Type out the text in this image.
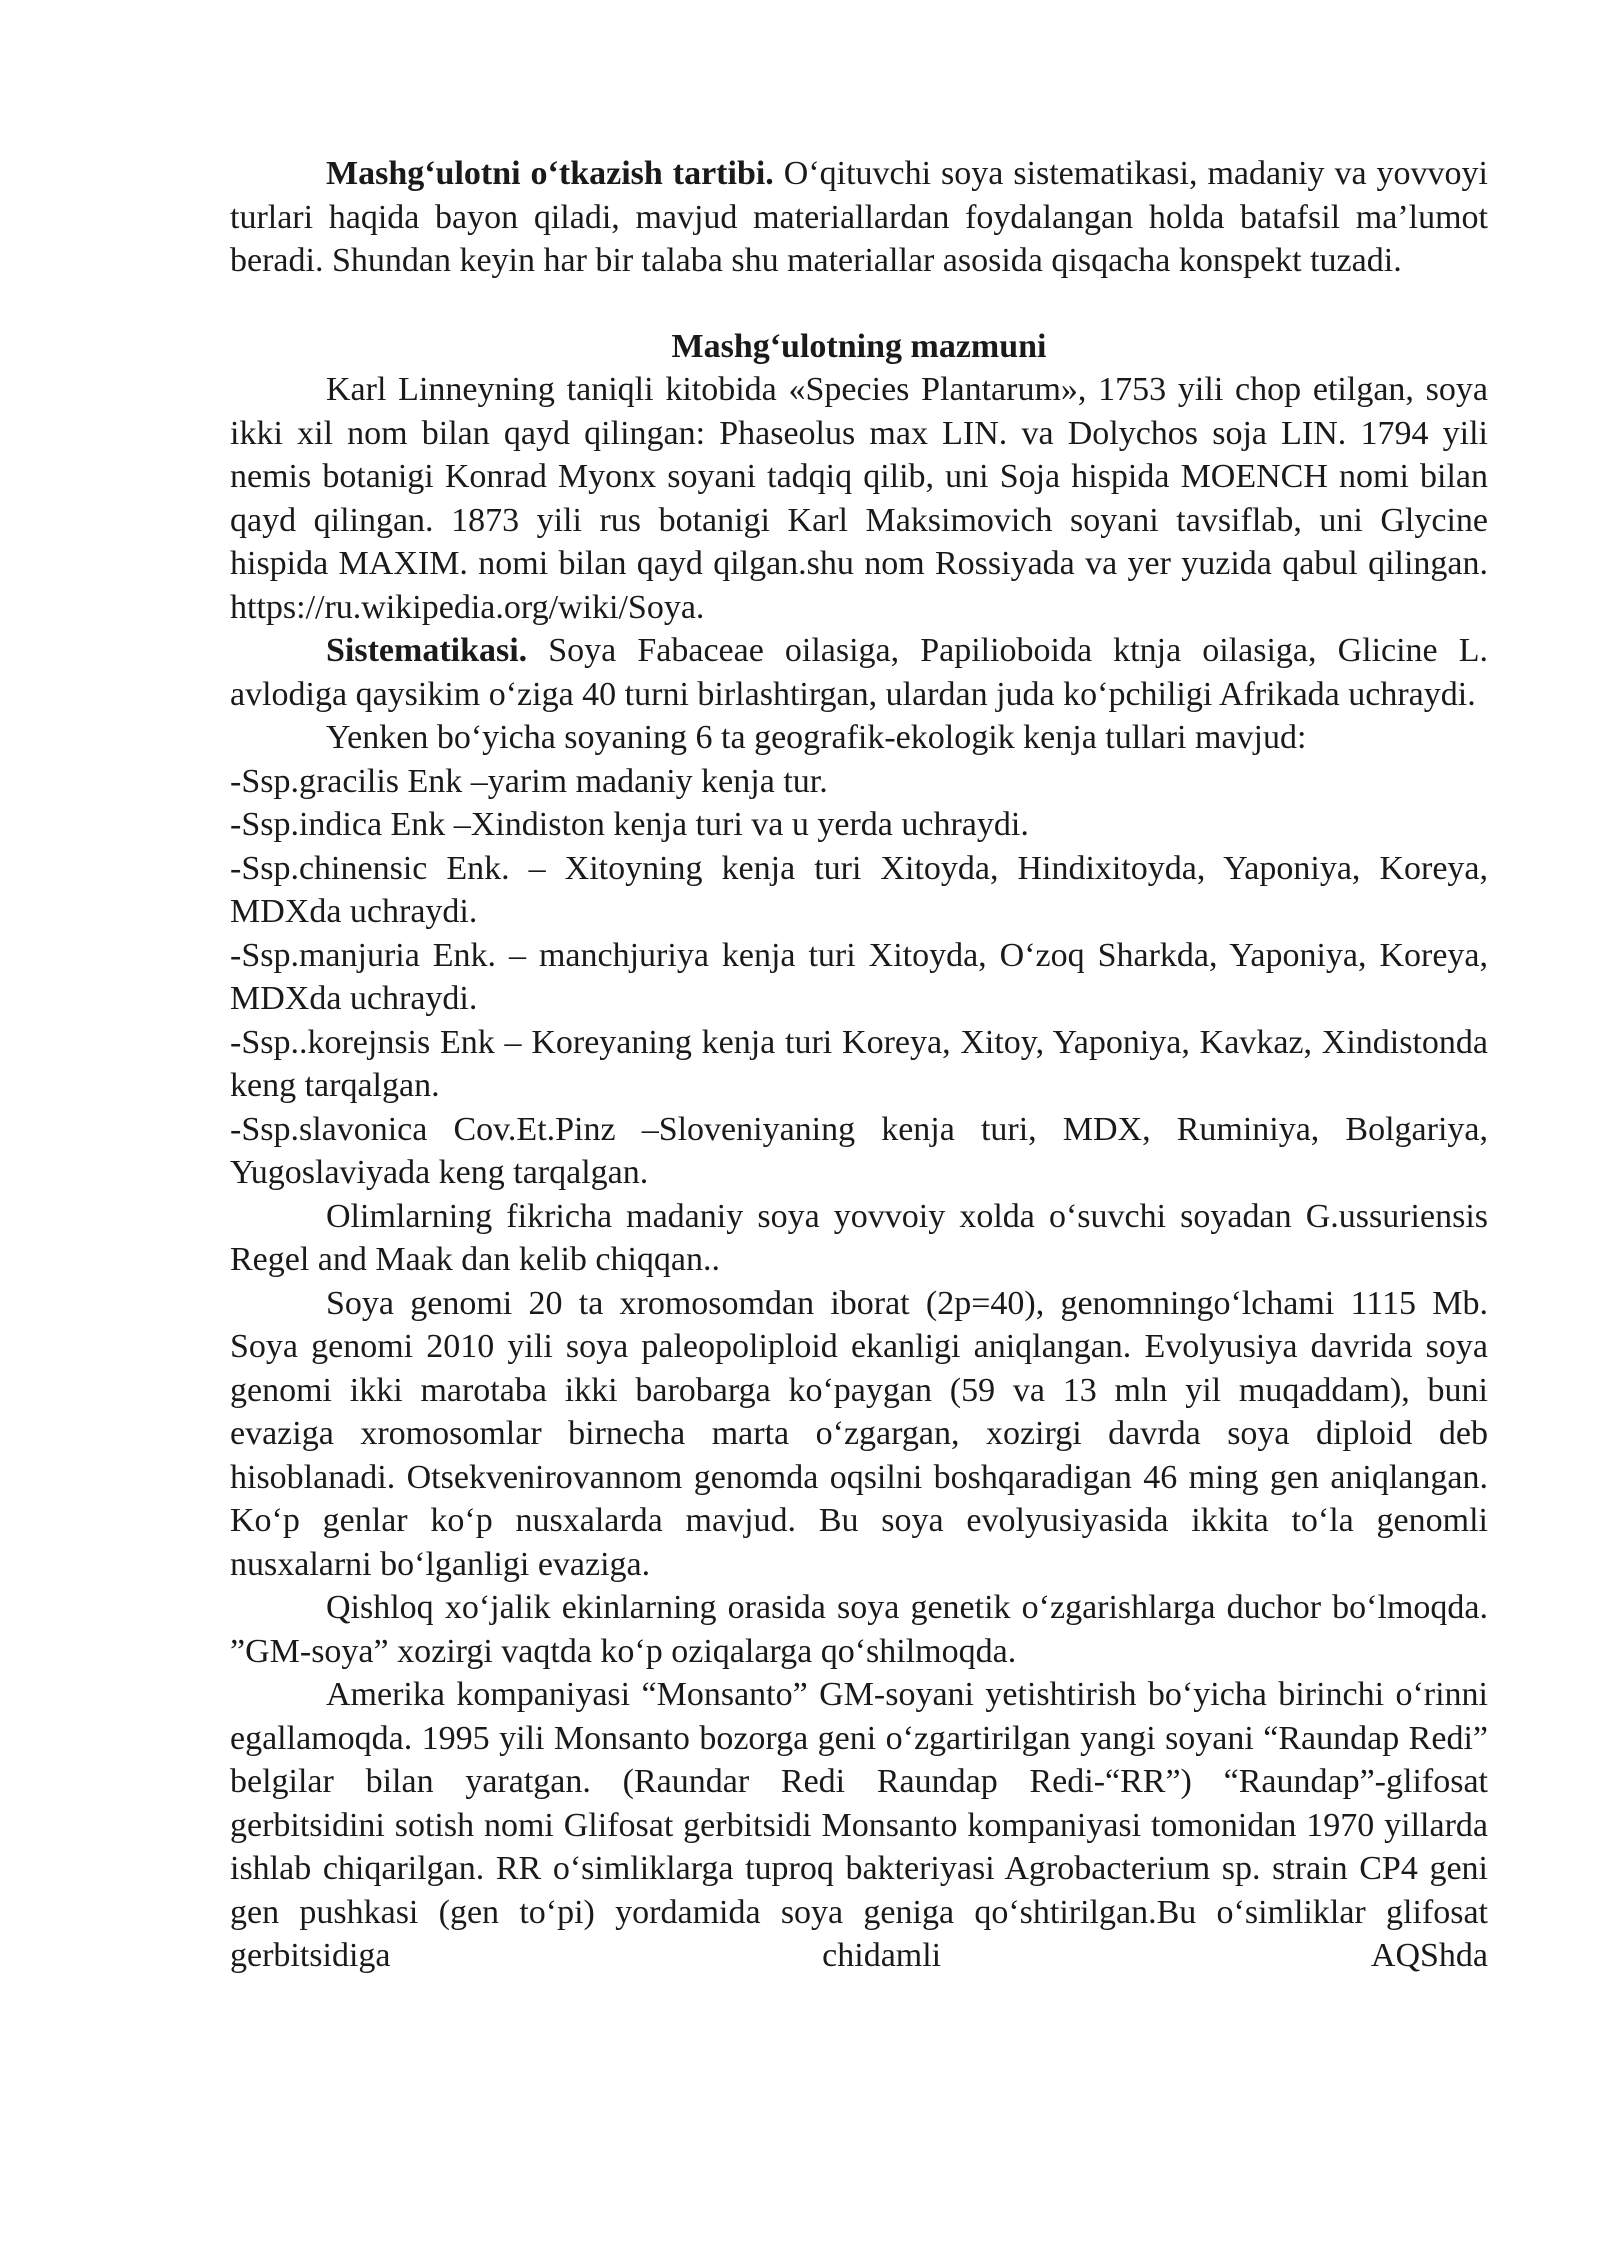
Mashg‘ulotni o‘tkazish tartibi. O‘qituvchi soya sistematikasi, madaniy va yovvoyi turlari haqida bayon qiladi, mavjud materiallardan foydalangan holda batafsil ma’lumot beradi. Shundan keyin har bir talaba shu materiallar asosida qisqacha konspekt tuzadi.

Mashg‘ulotning mazmuni

Karl Linneyning taniqli kitobida «Species Plantarum», 1753 yili chop etilgan, soya ikki xil nom bilan qayd qilingan: Phaseolus max LIN. va Dolychos soja LIN. 1794 yili nemis botanigi Konrad Myonx soyani tadqiq qilib, uni Soja hispida MOENCH nomi bilan qayd qilingan. 1873 yili rus botanigi Karl Maksimovich soyani tavsiflab, uni Glycine hispida MAXIM. nomi bilan qayd qilgan.shu nom Rossiyada va yer yuzida qabul qilingan.

https://ru.wikipedia.org/wiki/Soya.

Sistematikasi. Soya Fabaceae oilasiga, Papilioboida ktnja oilasiga, Glicine L. avlodiga qaysikim o‘ziga 40 turni birlashtirgan, ulardan juda ko‘pchiligi Afrikada uchraydi.

Yenken bo‘yicha soyaning 6 ta geografik-ekologik kenja tullari mavjud:

-Ssp.gracilis Enk –yarim madaniy kenja tur.

-Ssp.indica Enk –Xindiston kenja turi va u yerda uchraydi.

-Ssp.chinensic Enk. – Xitoyning kenja turi Xitoyda, Hindixitoyda, Yaponiya, Koreya, MDXda uchraydi.

-Ssp.manjuria Enk. – manchjuriya kenja turi Xitoyda, O‘zoq Sharkda, Yaponiya, Koreya, MDXda uchraydi.

-Ssp..korejnsis Enk – Koreyaning kenja turi Koreya, Xitoy, Yaponiya, Kavkaz, Xindistonda keng tarqalgan.

-Ssp.slavonica Cov.Et.Pinz –Sloveniyaning kenja turi, MDX, Ruminiya, Bolgariya, Yugoslaviyada keng tarqalgan.

Olimlarning fikricha madaniy soya yovvoiy xolda o‘suvchi soyadan G.ussuriensis Regel and Maak dan kelib chiqqan..

Soya genomi 20 ta xromosomdan iborat (2p=40), genomningo‘lchami 1115 Mb. Soya genomi 2010 yili soya paleopoliploid ekanligi aniqlangan. Evolyusiya davrida soya genomi ikki marotaba ikki barobarga ko‘paygan (59 va 13 mln yil muqaddam), buni evaziga xromosomlar birnecha marta o‘zgargan, xozirgi davrda soya diploid deb hisoblanadi. Otsekvenirovannom genomda oqsilni boshqaradigan 46 ming gen aniqlangan. Ko‘p genlar ko‘p nusxalarda mavjud. Bu soya evolyusiyasida ikkita to‘la genomli nusxalarni bo‘lganligi evaziga.

Qishloq xo‘jalik ekinlarning orasida soya genetik o‘zgarishlarga duchor bo‘lmoqda. ”GM-soya” xozirgi vaqtda ko‘p oziqalarga qo‘shilmoqda.

Amerika kompaniyasi “Monsanto” GM-soyani yetishtirish bo‘yicha birinchi o‘rinni egallamoqda. 1995 yili Monsanto bozorga geni o‘zgartirilgan yangi soyani “Raundap Redi” belgilar bilan yaratgan. (Raundar Redi Raundap Redi-“RR”) “Raundap”-glifosat gerbitsidini sotish nomi Glifosat gerbitsidi Monsanto kompaniyasi tomonidan 1970 yillarda ishlab chiqarilgan. RR o‘simliklarga tuproq bakteriyasi Agrobacterium sp. strain CP4 geni gen pushkasi (gen to‘pi) yordamida soya geniga qo‘shtirilgan.Bu o‘simliklar glifosat gerbitsidiga chidamli AQShda
